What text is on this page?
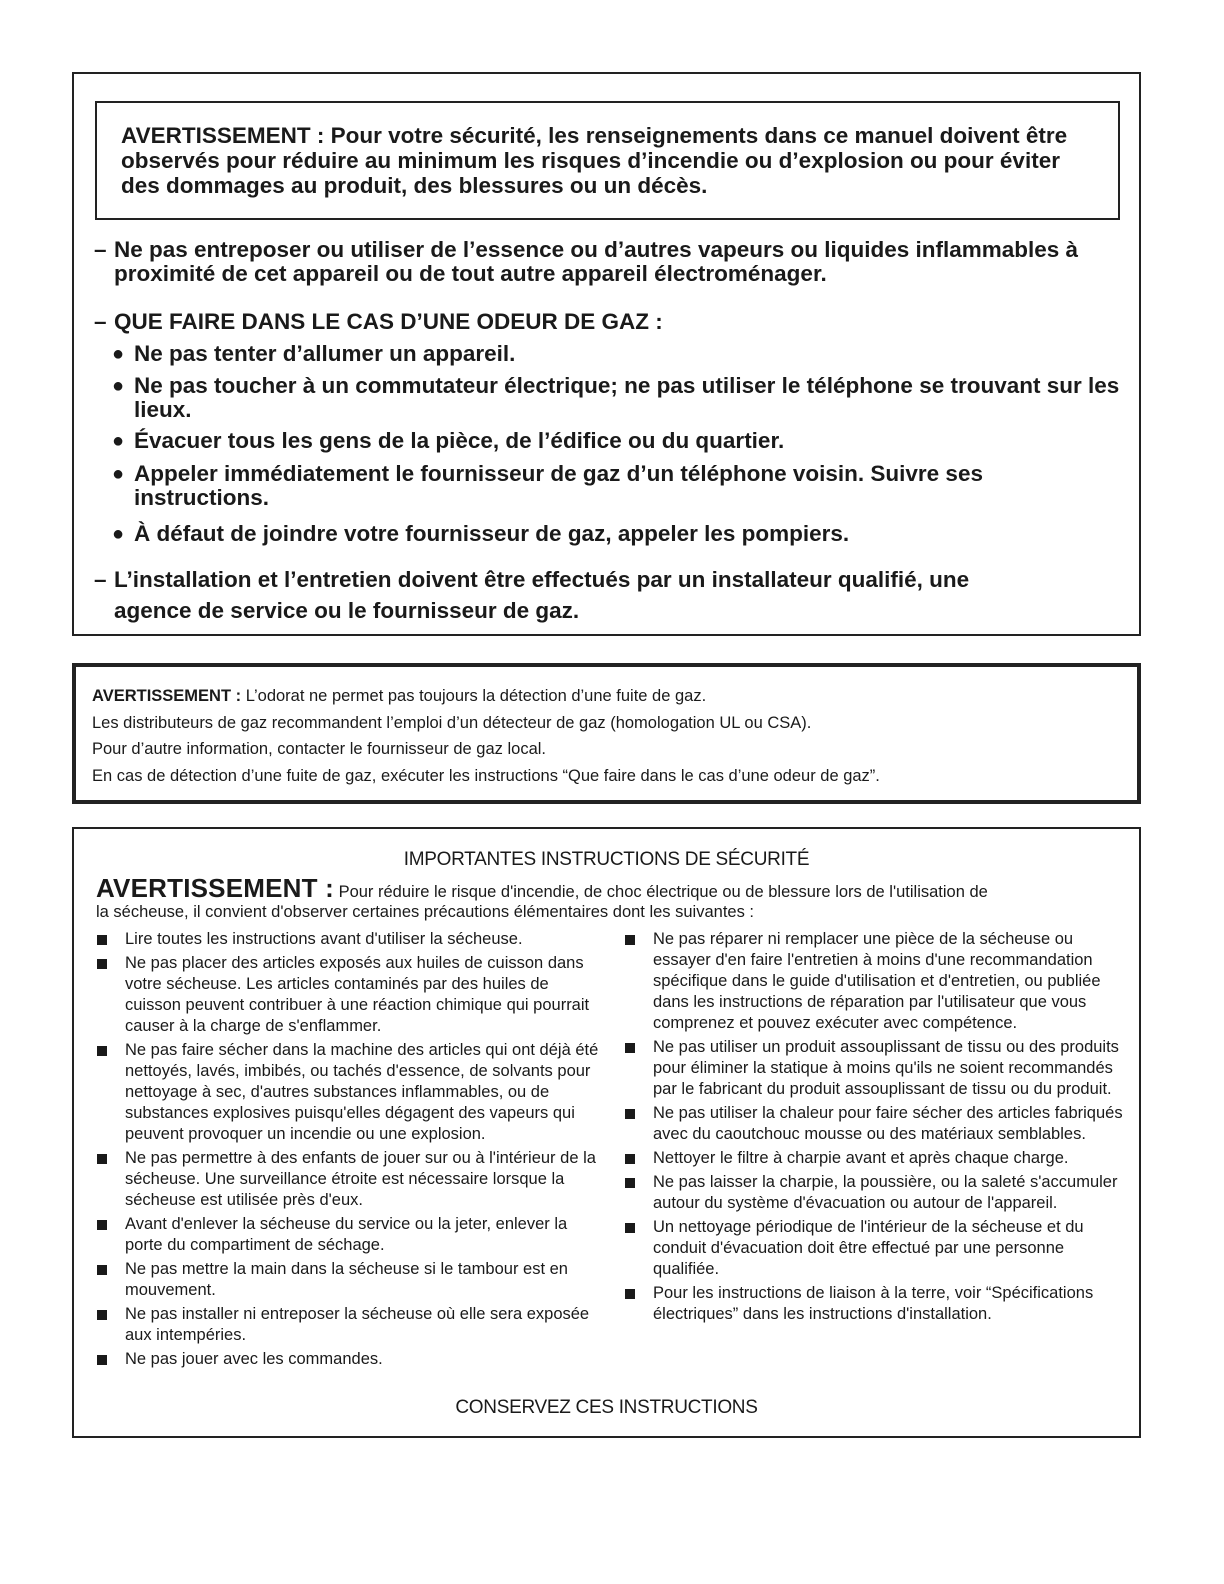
AVERTISSEMENT : Pour votre sécurité, les renseignements dans ce manuel doivent être observés pour réduire au minimum les risques d’incendie ou d’explosion ou pour éviter des dommages au produit, des blessures ou un décès.
– Ne pas entreposer ou utiliser de l’essence ou d’autres vapeurs ou liquides inflammables à proximité de cet appareil ou de tout autre appareil électroménager.
– QUE FAIRE DANS LE CAS D’UNE ODEUR DE GAZ :
● Ne pas tenter d’allumer un appareil.
● Ne pas toucher à un commutateur électrique; ne pas utiliser le téléphone se trouvant sur les lieux.
● Évacuer tous les gens de la pièce, de l’édifice ou du quartier.
● Appeler immédiatement le fournisseur de gaz d’un téléphone voisin. Suivre ses instructions.
● À défaut de joindre votre fournisseur de gaz, appeler les pompiers.
– L’installation et l’entretien doivent être effectués par un installateur qualifié, une agence de service ou le fournisseur de gaz.
AVERTISSEMENT : L’odorat ne permet pas toujours la détection d’une fuite de gaz.
Les distributeurs de gaz recommandent l’emploi d’un détecteur de gaz (homologation UL ou CSA).
Pour d’autre information, contacter le fournisseur de gaz local.
En cas de détection d’une fuite de gaz, exécuter les instructions “Que faire dans le cas d’une odeur de gaz”.
IMPORTANTES INSTRUCTIONS DE SÉCURITÉ
AVERTISSEMENT : Pour réduire le risque d'incendie, de choc électrique ou de blessure lors de l'utilisation de
la sécheuse, il convient d'observer certaines précautions élémentaires dont les suivantes :
Lire toutes les instructions avant d'utiliser la sécheuse.
Ne pas placer des articles exposés aux huiles de cuisson dans votre sécheuse. Les articles contaminés par des huiles de cuisson peuvent contribuer à une réaction chimique qui pourrait causer à la charge de s'enflammer.
Ne pas faire sécher dans la machine des articles qui ont déjà été nettoyés, lavés, imbibés, ou tachés d'essence, de solvants pour nettoyage à sec, d'autres substances inflammables, ou de substances explosives puisqu'elles dégagent des vapeurs qui peuvent provoquer un incendie ou une explosion.
Ne pas permettre à des enfants de jouer sur ou à l'intérieur de la sécheuse. Une surveillance étroite est nécessaire lorsque la sécheuse est utilisée près d'eux.
Avant d'enlever la sécheuse du service ou la jeter, enlever la porte du compartiment de séchage.
Ne pas mettre la main dans la sécheuse si le tambour est en mouvement.
Ne pas installer ni entreposer la sécheuse où elle sera exposée aux intempéries.
Ne pas jouer avec les commandes.
Ne pas réparer ni remplacer une pièce de la sécheuse ou essayer d'en faire l'entretien à moins d'une recommandation spécifique dans le guide d'utilisation et d'entretien, ou publiée dans les instructions de réparation par l'utilisateur que vous comprenez et pouvez exécuter avec compétence.
Ne pas utiliser un produit assouplissant de tissu ou des produits pour éliminer la statique à moins qu'ils ne soient recommandés par le fabricant du produit assouplissant de tissu ou du produit.
Ne pas utiliser la chaleur pour faire sécher des articles fabriqués avec du caoutchouc mousse ou des matériaux semblables.
Nettoyer le filtre à charpie avant et après chaque charge.
Ne pas laisser la charpie, la poussière, ou la saleté s'accumuler autour du système d'évacuation ou autour de l'appareil.
Un nettoyage périodique de l'intérieur de la sécheuse et du conduit d'évacuation doit être effectué par une personne qualifiée.
Pour les instructions de liaison à la terre, voir “Spécifications électriques” dans les instructions d'installation.
CONSERVEZ CES INSTRUCTIONS
